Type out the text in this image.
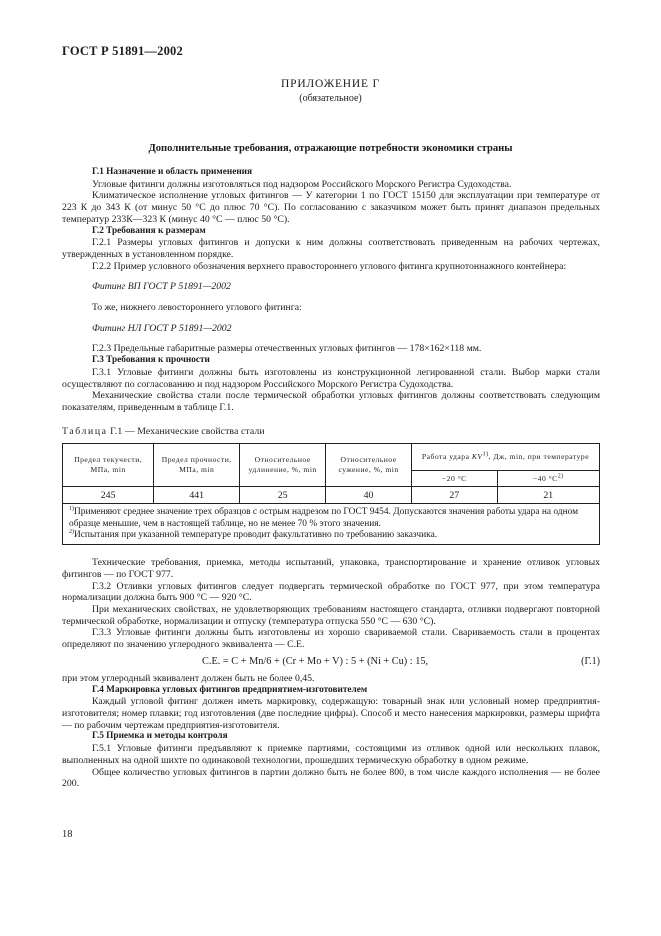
ГОСТ Р 51891—2002
ПРИЛОЖЕНИЕ Г
(обязательное)
Дополнительные требования, отражающие потребности экономики страны

Г.1 Назначение и область применения

Угловые фитинги должны изготовляться под надзором Российского Морского Регистра Судоходства.

Климатическое исполнение угловых фитингов — У категории 1 по ГОСТ 15150 для эксплуатации при температуре от 223 К до 343 К (от минус 50 °С до плюс 70 °С). По согласованию с заказчиком может быть принят диапазон предельных температур 233К—323 К (минус 40 °С — плюс 50 °С).

Г.2 Требования к размерам

Г.2.1 Размеры угловых фитингов и допуски к ним должны соответствовать приведенным на рабочих чертежах, утвержденных в установленном порядке.

Г.2.2 Пример условного обозначения верхнего правостороннего углового фитинга крупнотоннажного контейнера:

Фитинг ВП ГОСТ Р 51891—2002

То же, нижнего левостороннего углового фитинга:

Фитинг НЛ ГОСТ Р 51891—2002

Г.2.3 Предельные габаритные размеры отечественных угловых фитингов — 178×162×118 мм.

Г.3 Требования к прочности

Г.3.1 Угловые фитинги должны быть изготовлены из конструкционной легированной стали. Выбор марки стали осуществляют по согласованию и под надзором Российского Морского Регистра Судоходства.

Механические свойства стали после термической обработки угловых фитингов должны соответствовать следующим показателям, приведенным в таблице Г.1.

Таблица Г.1 — Механические свойства стали

Предел текучести, МПа, min	Предел прочности, МПа, min	Относительное удлинение, %, min	Относительное сужение, %, min	Работа удара KV$^{1)}$, Дж, min, при температуре	
				−20 °С	−40 $^\circ С^{2)}$
245	441	25	40	27	21

$^{1)}$Применяют среднее значение трех образцов с острым надрезом по ГОСТ 9454. Допускаются значения работы удара на одном образце меньшие, чем в настоящей таблице, но не менее 70 % этого значения.
$^{2)}$Испытания при указанной температуре проводит факультативно по требованию заказчика.					

Технические требования, приемка, методы испытаний, упаковка, транспортирование и хранение отливок угловых фитингов — по ГОСТ 977.

Г.3.2 Отливки угловых фитингов следует подвергать термической обработке по ГОСТ 977, при этом температура нормализации должна быть 900 °С — 920 °С.

При механических свойствах, не удовлетворяющих требованиям настоящего стандарта, отливки подвергают повторной термической обработке, нормализации и отпуску (температура отпуска 550 °С — 630 °С).

Г.3.3 Угловые фитинги должны быть изготовлены из хорошо свариваемой стали. Свариваемость стали в процентах определяют по значению углеродного эквивалента — С.Е.

С.Е. = С + Mn/6 + (Cr + Mo + V) : 5 + (Ni + Cu) : 15,	(Г.1)

при этом углеродный эквивалент должен быть не более 0,45.

Г.4 Маркировка угловых фитингов предприятием-изготовителем

Каждый угловой фитинг должен иметь маркировку, содержащую: товарный знак или условный номер предприятия-изготовителя; номер плавки; год изготовления (две последние цифры). Способ и место нанесения маркировки, размеры шрифта — по рабочим чертежам предприятия-изготовителя.

Г.5 Приемка и методы контроля

Г.5.1 Угловые фитинги предъявляют к приемке партиями, состоящими из отливок одной или нескольких плавок, выполненных на одной шихте по одинаковой технологии, прошедших термическую обработку в одном режиме.

Общее количество угловых фитингов в партии должно быть не более 800, в том числе каждого исполнения — не более 200.

18
